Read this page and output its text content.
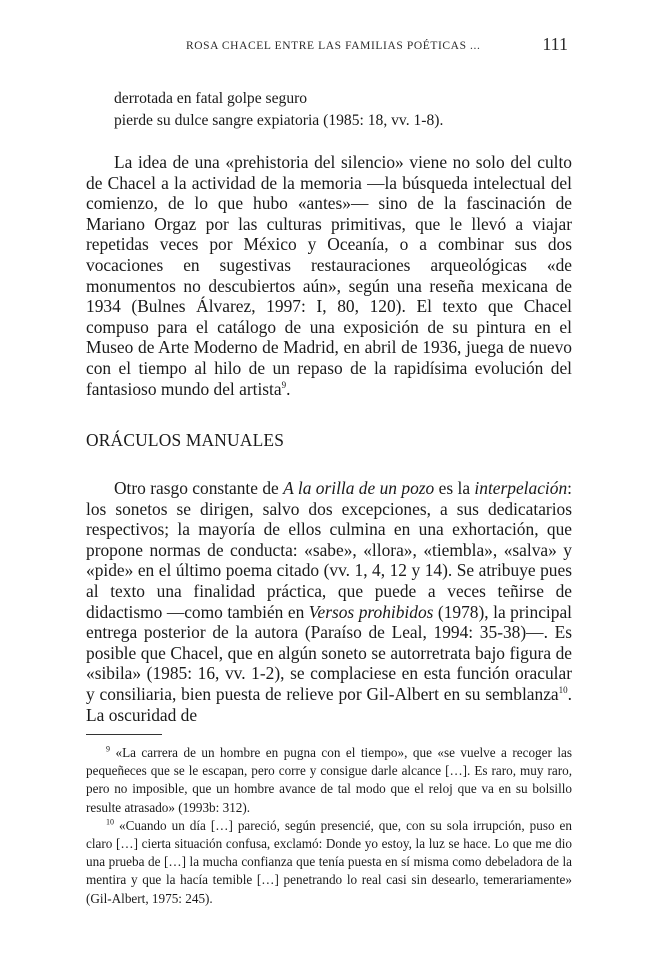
ROSA CHACEL ENTRE LAS FAMILIAS POÉTICAS ...	111
derrotada en fatal golpe seguro
pierde su dulce sangre expiatoria (1985: 18, vv. 1-8).

La idea de una «prehistoria del silencio» viene no solo del culto de Chacel a la actividad de la memoria —la búsqueda intelectual del comienzo, de lo que hubo «antes»— sino de la fascinación de Mariano Orgaz por las culturas primitivas, que le llevó a viajar repetidas veces por México y Oceanía, o a combinar sus dos vocaciones en sugestivas restauraciones arqueológicas «de monumentos no descubiertos aún», según una reseña mexicana de 1934 (Bulnes Álvarez, 1997: I, 80, 120). El texto que Chacel compuso para el catálogo de una exposición de su pintura en el Museo de Arte Moderno de Madrid, en abril de 1936, juega de nuevo con el tiempo al hilo de un repaso de la rapidísima evolución del fantasioso mundo del artista$^9$.

ORÁCULOS MANUALES

Otro rasgo constante de A la orilla de un pozo es la interpelación: los sonetos se dirigen, salvo dos excepciones, a sus dedicatarios respectivos; la mayoría de ellos culmina en una exhortación, que propone normas de conducta: «sabe», «llora», «tiembla», «salva» y «pide» en el último poema citado (vv. 1, 4, 12 y 14). Se atribuye pues al texto una finalidad práctica, que puede a veces teñirse de didactismo —como también en Versos prohibidos (1978), la principal entrega posterior de la autora (Paraíso de Leal, 1994: 35-38)—. Es posible que Chacel, que en algún soneto se autorretrata bajo figura de «sibila» (1985: 16, vv. 1-2), se complaciese en esta función oracular y consiliaria, bien puesta de relieve por Gil-Albert en su semblanza$^{10}$. La oscuridad de

$^9$ «La carrera de un hombre en pugna con el tiempo», que «se vuelve a recoger las pequeñeces que se le escapan, pero corre y consigue darle alcance […]. Es raro, muy raro, pero no imposible, que un hombre avance de tal modo que el reloj que va en su bolsillo resulte atrasado» (1993b: 312).

$^{10}$ «Cuando un día […] pareció, según presencié, que, con su sola irrupción, puso en claro […] cierta situación confusa, exclamó: Donde yo estoy, la luz se hace. Lo que me dio una prueba de […] la mucha confianza que tenía puesta en sí misma como debeladora de la mentira y que la hacía temible […] penetrando lo real casi sin desearlo, temerariamente» (Gil-Albert, 1975: 245).
